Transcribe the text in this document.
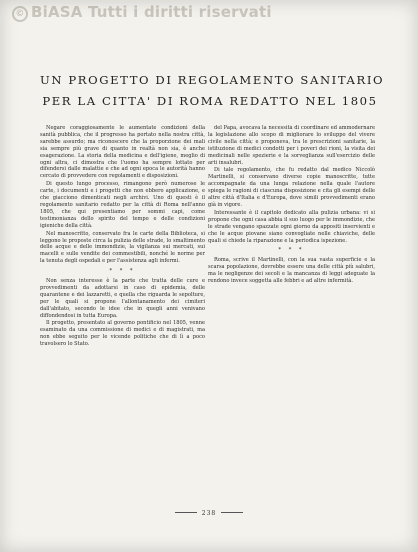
© BiASA Tutti i diritti riservati
UN PROGETTO DI REGOLAMENTO SANITARIO
PER LA CITTA' DI ROMA REDATTO NEL 1805

Negare coraggiosamente le aumentate condizioni della sanità pubblica, che il progresso ha portato nella nostra città, sarebbe assurdo; ma riconoscere che la proporzione dei mali sia sempre più grave di quanto in realtà non sia, è anche esagerazione. La storia della medicina e dell'igiene, meglio di ogni altra, ci dimostra che l'uomo ha sempre lottato per difendersi dalle malattie e che ad ogni epoca le autorità hanno cercato di provvedere con regolamenti e disposizioni.

Di questo lungo processo, rimangono però numerose le carte, i documenti e i progetti che non ebbero applicazione, e che giacciono dimenticati negli archivi. Uno di questi è il regolamento sanitario redatto per la città di Roma nell'anno 1805, che qui presentiamo per sommi capi, come testimonianza dello spirito del tempo e delle condizioni igieniche della città.

Nel manoscritto, conservato fra le carte della Biblioteca, si leggono le proposte circa la pulizia delle strade, lo smaltimento delle acque e delle immondizie, la vigilanza sui mercati, sui macelli e sulle vendite dei commestibili, nonché le norme per la tenuta degli ospedali e per l'assistenza agli infermi.

* * *

Non senza interesse è la parte che tratta delle cure e provvedimenti da adottarsi in caso di epidemia, delle quarantene e dei lazzaretti, e quella che riguarda le sepolture, per le quali si propone l'allontanamento dei cimiteri dall'abitato, secondo le idee che in quegli anni venivano diffondendosi in tutta Europa.

Il progetto, presentato al governo pontificio nel 1805, venne esaminato da una commissione di medici e di magistrati, ma non ebbe seguito per le vicende politiche che di lì a poco travolsero lo Stato.

del Papa, avocava la necessità di coordinare ed ammodernare la legislazione allo scopo di migliorare lo sviluppo del vivere civile nella città; e proponeva, tra le prescrizioni sanitarie, la istituzione di medici condotti per i poveri dei rioni, la visita dei medicinali nelle spezierie e la sorveglianza sull'esercizio delle arti insalubri.

Di tale regolamento, che fu redatto dal medico Niccolò Martinelli, si conservano diverse copie manoscritte, tutte accompagnate da una lunga relazione nella quale l'autore spiega le ragioni di ciascuna disposizione e cita gli esempi delle altre città d'Italia e d'Europa, dove simili provvedimenti erano già in vigore.

Interessante è il capitolo dedicato alla pulizia urbana: vi si propone che ogni casa abbia il suo luogo per le immondizie, che le strade vengano spazzate ogni giorno da appositi inservienti e che le acque piovane siano convogliate nelle chiaviche, delle quali si chiede la riparazione e la periodica ispezione.

* * *

Roma, scrive il Martinelli, con la sua vasta superficie e la scarsa popolazione, dovrebbe essere una delle città più salubri, ma le negligenze dei secoli e la mancanza di leggi adeguate la rendono invece soggetta alle febbri e ad altre infermità.

238
